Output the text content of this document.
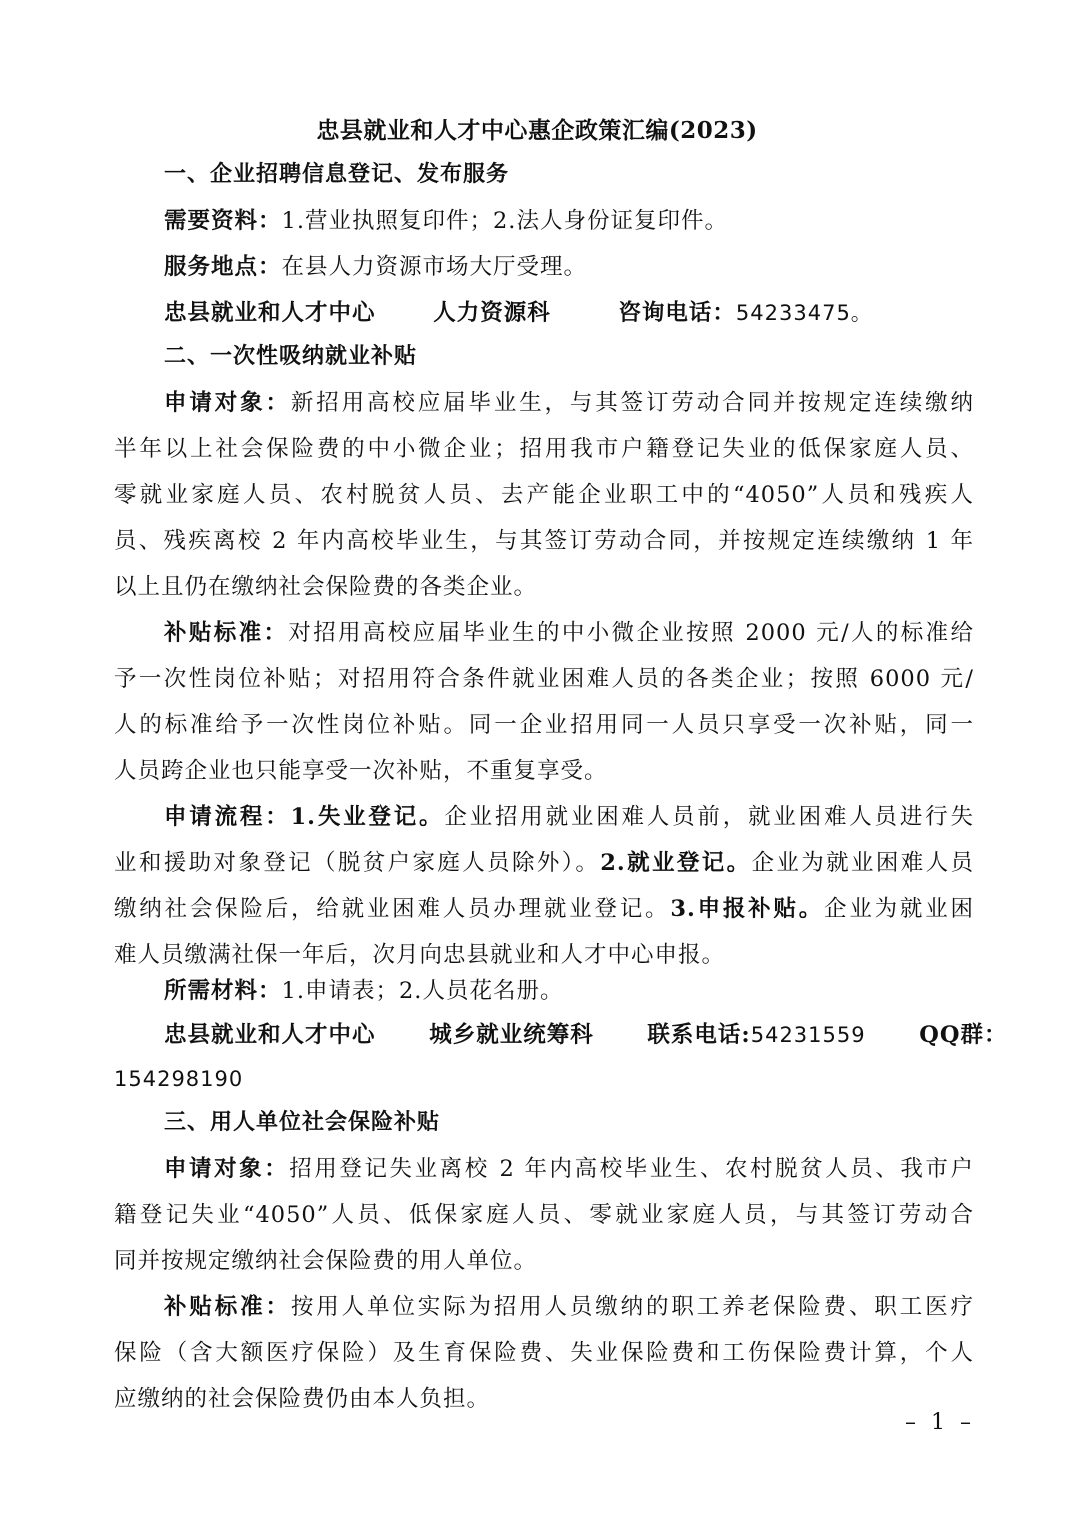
忠县就业和人才中心惠企政策汇编(2023)
一、企业招聘信息登记、发布服务
需要资料：1.营业执照复印件；2.法人身份证复印件。
服务地点：在县人力资源市场大厅受理。
忠县就业和人才中心	人力资源科	咨询电话：54233475。
二、一次性吸纳就业补贴
申请对象：新招用高校应届毕业生，与其签订劳动合同并按规定连续缴纳
半年以上社会保险费的中小微企业；招用我市户籍登记失业的低保家庭人员、
零就业家庭人员、农村脱贫人员、去产能企业职工中的“4050”人员和残疾人
员、残疾离校 2 年内高校毕业生，与其签订劳动合同，并按规定连续缴纳 1 年
以上且仍在缴纳社会保险费的各类企业。
补贴标准：对招用高校应届毕业生的中小微企业按照 2000 元/人的标准给
予一次性岗位补贴；对招用符合条件就业困难人员的各类企业；按照 6000 元/
人的标准给予一次性岗位补贴。同一企业招用同一人员只享受一次补贴，同一
人员跨企业也只能享受一次补贴，不重复享受。
申请流程：1.失业登记。企业招用就业困难人员前，就业困难人员进行失
业和援助对象登记（脱贫户家庭人员除外）。2.就业登记。企业为就业困难人员
缴纳社会保险后，给就业困难人员办理就业登记。3.申报补贴。企业为就业困
难人员缴满社保一年后，次月向忠县就业和人才中心申报。
所需材料：1.申请表；2.人员花名册。
忠县就业和人才中心 城乡就业统筹科 联系电话:54231559 QQ群：
154298190
三、用人单位社会保险补贴
申请对象：招用登记失业离校 2 年内高校毕业生、农村脱贫人员、我市户
籍登记失业“4050”人员、低保家庭人员、零就业家庭人员，与其签订劳动合
同并按规定缴纳社会保险费的用人单位。
补贴标准：按用人单位实际为招用人员缴纳的职工养老保险费、职工医疗
保险（含大额医疗保险）及生育保险费、失业保险费和工伤保险费计算，个人
应缴纳的社会保险费仍由本人负担。
– 1 –
